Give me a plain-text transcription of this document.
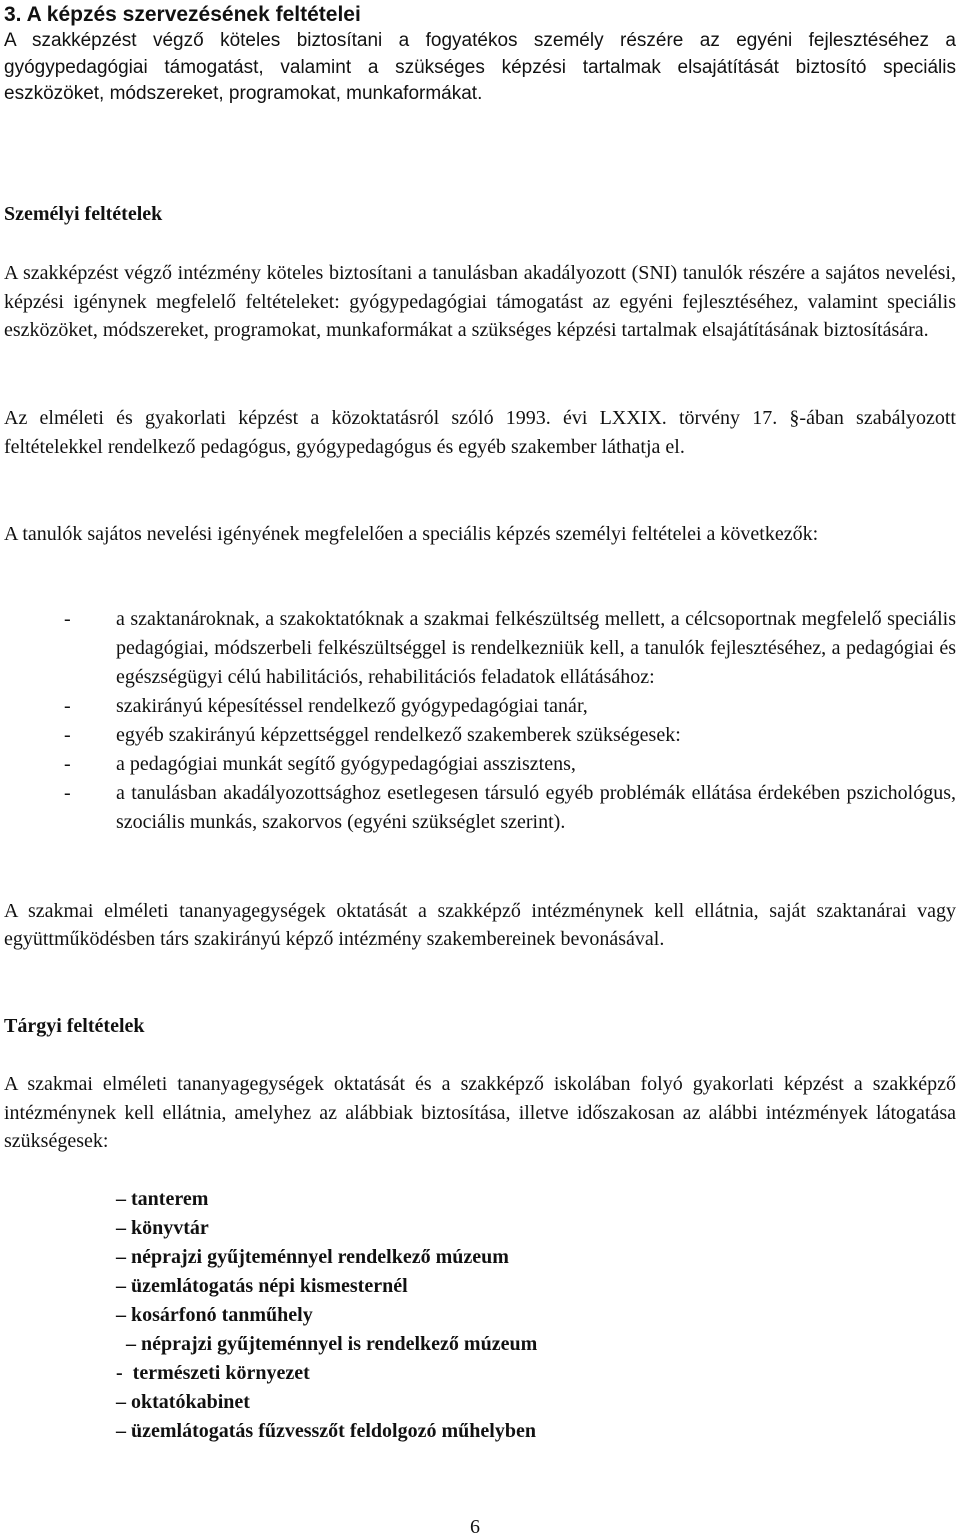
3. A képzés szervezésének feltételei
A szakképzést végző köteles biztosítani a fogyatékos személy részére az egyéni fejlesztéséhez a gyógypedagógiai támogatást, valamint a szükséges képzési tartalmak elsajátítását biztosító speciális eszközöket, módszereket, programokat, munkaformákat.
Személyi feltételek
A szakképzést végző intézmény köteles biztosítani a tanulásban akadályozott (SNI) tanulók részére a sajátos nevelési, képzési igénynek megfelelő feltételeket: gyógypedagógiai támogatást az egyéni fejlesztéséhez, valamint speciális eszközöket, módszereket, programokat, munkaformákat a szükséges képzési tartalmak elsajátításának biztosítására.
Az elméleti és gyakorlati képzést a közoktatásról szóló 1993. évi LXXIX. törvény 17. §-ában szabályozott feltételekkel rendelkező pedagógus, gyógypedagógus és egyéb szakember láthatja el.
A tanulók sajátos nevelési igényének megfelelően a speciális képzés személyi feltételei a következők:
- a szaktanároknak, a szakoktatóknak a szakmai felkészültség mellett, a célcsoportnak megfelelő speciális pedagógiai, módszerbeli felkészültséggel is rendelkezniük kell, a tanulók fejlesztéséhez, a pedagógiai és egészségügyi célú habilitációs, rehabilitációs feladatok ellátásához:
- szakirányú képesítéssel rendelkező gyógypedagógiai tanár,
- egyéb szakirányú képzettséggel rendelkező szakemberek szükségesek:
- a pedagógiai munkát segítő gyógypedagógiai asszisztens,
- a tanulásban akadályozottsághoz esetlegesen társuló egyéb problémák ellátása érdekében pszichológus, szociális munkás, szakorvos (egyéni szükséglet szerint).
A szakmai elméleti tananyagegységek oktatását a szakképző intézménynek kell ellátnia, saját szaktanárai vagy együttműködésben társ szakirányú képző intézmény szakembereinek bevonásával.
Tárgyi feltételek
A szakmai elméleti tananyagegységek oktatását és a szakképző iskolában folyó gyakorlati képzést a szakképző intézménynek kell ellátnia, amelyhez az alábbiak biztosítása, illetve időszakosan az alábbi intézmények látogatása szükségesek:
– tanterem
– könyvtár
– néprajzi gyűjteménnyel rendelkező múzeum
– üzemlátogatás népi kismesternél
– kosárfonó tanműhely
– néprajzi gyűjteménnyel is rendelkező múzeum
-  természeti környezet
– oktatókabinet
– üzemlátogatás fűzvesszőt feldolgozó műhelyben
6
